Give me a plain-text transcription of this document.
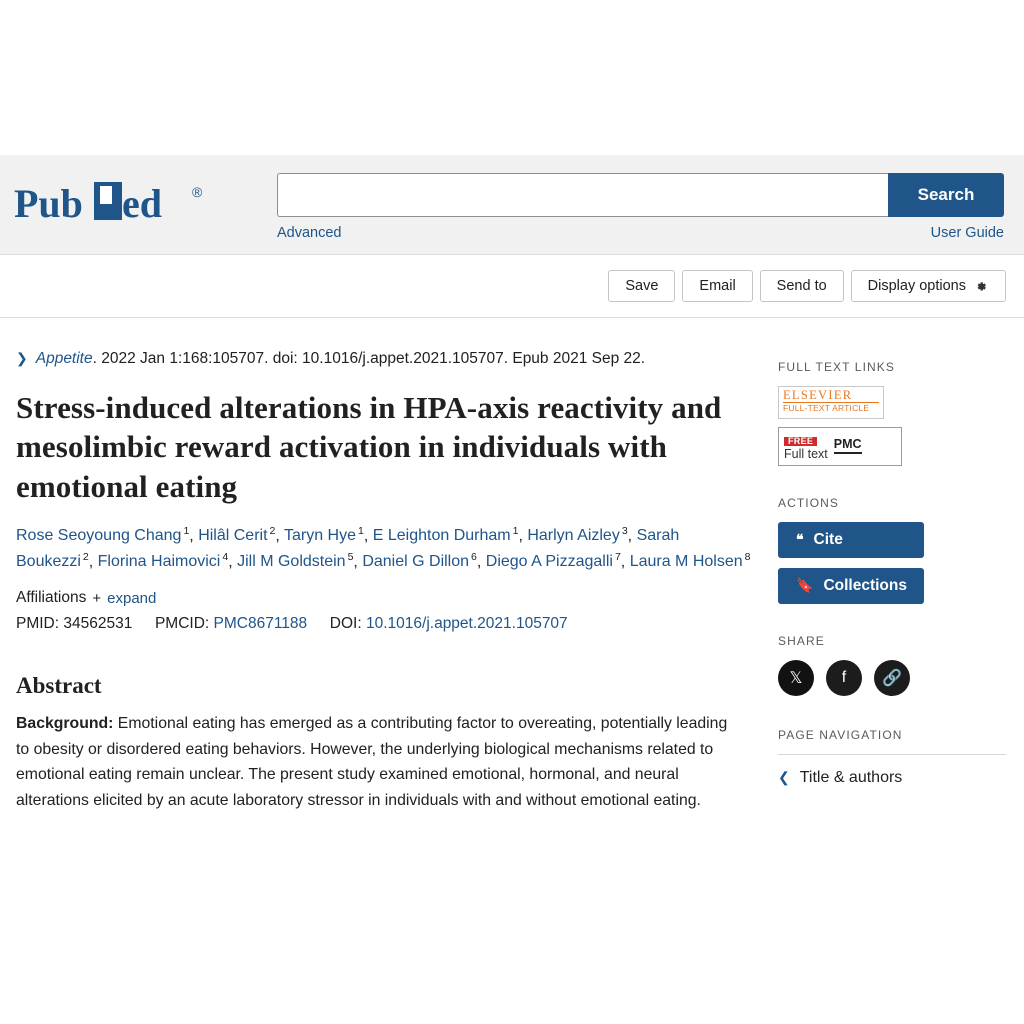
Pub ed ®	Search
Advanced	User Guide
Save	Email	Send to	Display options
❯ Appetite. 2022 Jan 1:168:105707. doi: 10.1016/j.appet.2021.105707. Epub 2021 Sep 22.
Stress-induced alterations in HPA-axis reactivity and mesolimbic reward activation in individuals with emotional eating
Rose Seoyoung Chang $^1$, Hilâl Cerit $^2$, Taryn Hye $^1$, E Leighton Durham $^1$, Harlyn Aizley $^3$, Sarah Boukezzi $^2$, Florina Haimovici $^4$, Jill M Goldstein $^5$, Daniel G Dillon $^6$, Diego A Pizzagalli $^7$, Laura M Holsen $^8$
Affiliations + expand
PMID: 34562531 PMCID: PMC8671188 DOI: 10.1016/j.appet.2021.105707
Abstract

Background: Emotional eating has emerged as a contributing factor to overeating, potentially leading to obesity or disordered eating behaviors. However, the underlying biological mechanisms related to emotional eating remain unclear. The present study examined emotional, hormonal, and neural alterations elicited by an acute laboratory stressor in individuals with and without emotional eating.

FULL TEXT LINKS
ELSEVIER
FULL-TEXT ARTICLE
FREE
Full text
PMC
ACTIONS
❝ Cite
🔖 Collections
SHARE
𝕏	f	🔗
PAGE NAVIGATION
❮ Title & authors
